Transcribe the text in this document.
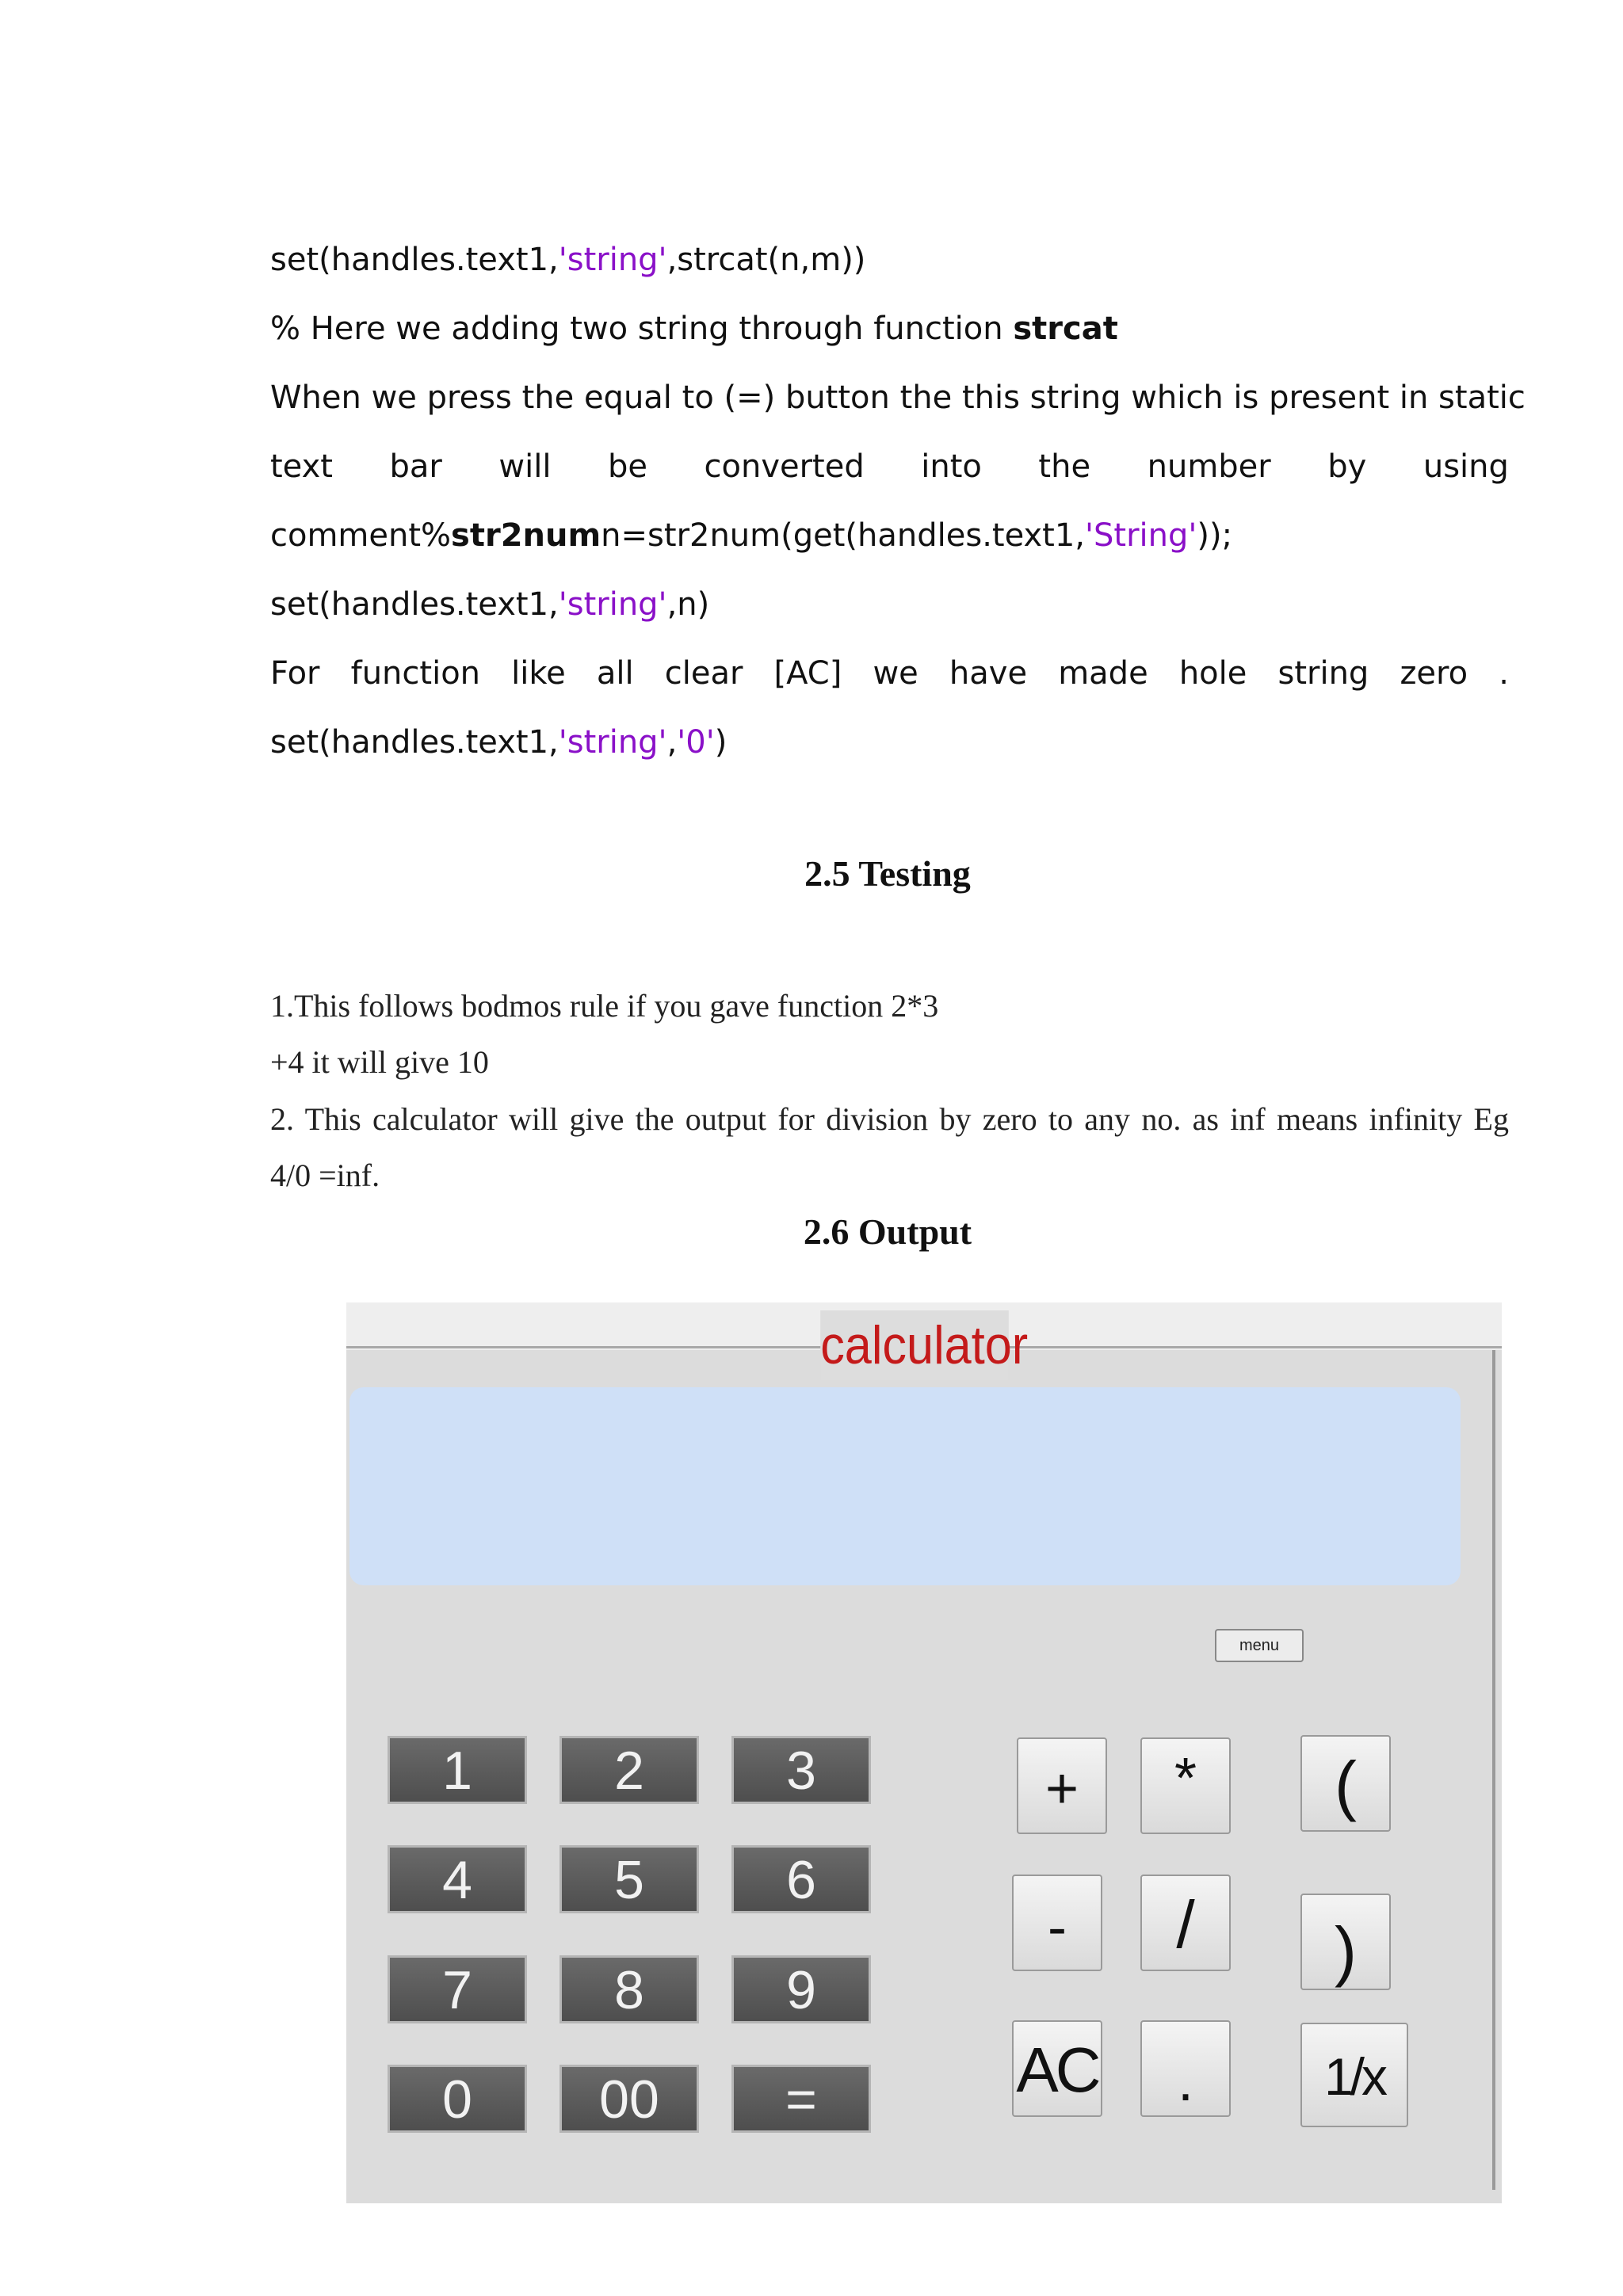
set(handles.text1,'string',strcat(n,m))
% Here we adding two string through function strcat
When we press the equal to (=) button the this string which is present in static
text bar will be converted into the number by using
comment%str2numn=str2num(get(handles.text1,'String'));
set(handles.text1,'string',n)
For function like all clear [AC] we have made hole string zero .
set(handles.text1,'string','0')
2.5 Testing
1.This follows bodmos rule if you gave function 2*3
+4 it will give 10
2. This calculator will give the output for division by zero to any no. as inf means infinity Eg
4/0 =inf.
2.6 Output
calculator
menu
1	2	3
4	5	6
7	8	9
0	00	=
+	*	(
-	/	)
AC	.	1/x
